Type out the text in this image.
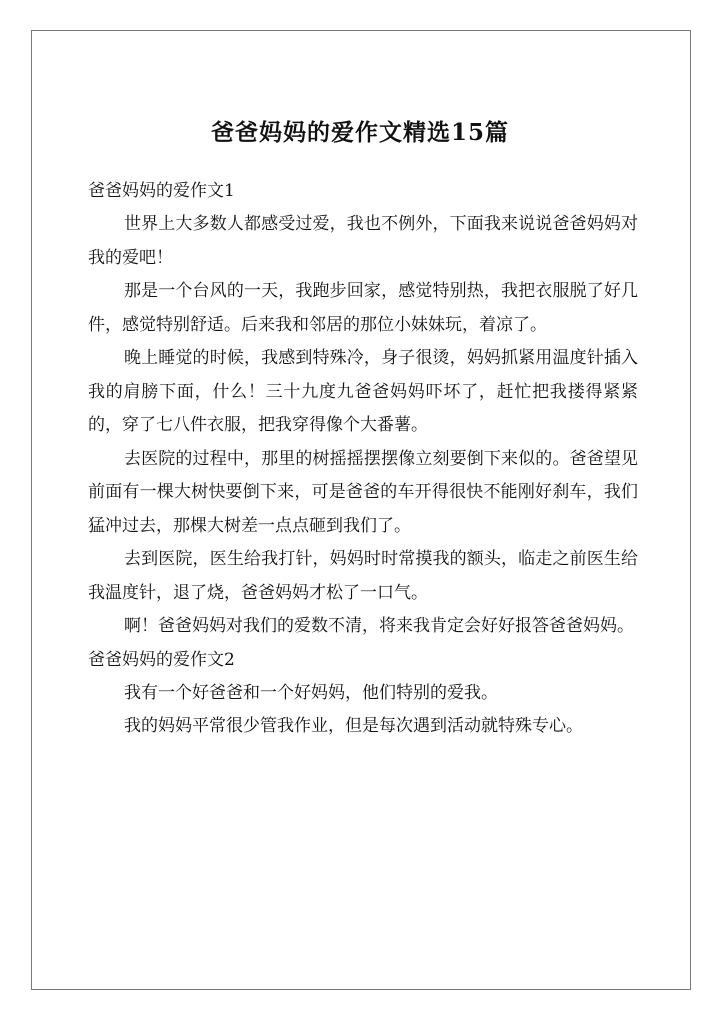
爸爸妈妈的爱作文精选15篇

爸爸妈妈的爱作文1

世界上大多数人都感受过爱，我也不例外，下面我来说说爸爸妈妈对我的爱吧！

那是一个台风的一天，我跑步回家，感觉特别热，我把衣服脱了好几件，感觉特别舒适。后来我和邻居的那位小妹妹玩，着凉了。

晚上睡觉的时候，我感到特殊冷，身子很烫，妈妈抓紧用温度针插入我的肩膀下面，什么！三十九度九爸爸妈妈吓坏了，赶忙把我搂得紧紧的，穿了七八件衣服，把我穿得像个大番薯。

去医院的过程中，那里的树摇摇摆摆像立刻要倒下来似的。爸爸望见前面有一棵大树快要倒下来，可是爸爸的车开得很快不能刚好刹车，我们猛冲过去，那棵大树差一点点砸到我们了。

去到医院，医生给我打针，妈妈时时常摸我的额头，临走之前医生给我温度针，退了烧，爸爸妈妈才松了一口气。

啊！爸爸妈妈对我们的爱数不清，将来我肯定会好好报答爸爸妈妈。

爸爸妈妈的爱作文2

我有一个好爸爸和一个好妈妈，他们特别的爱我。

我的妈妈平常很少管我作业，但是每次遇到活动就特殊专心。
